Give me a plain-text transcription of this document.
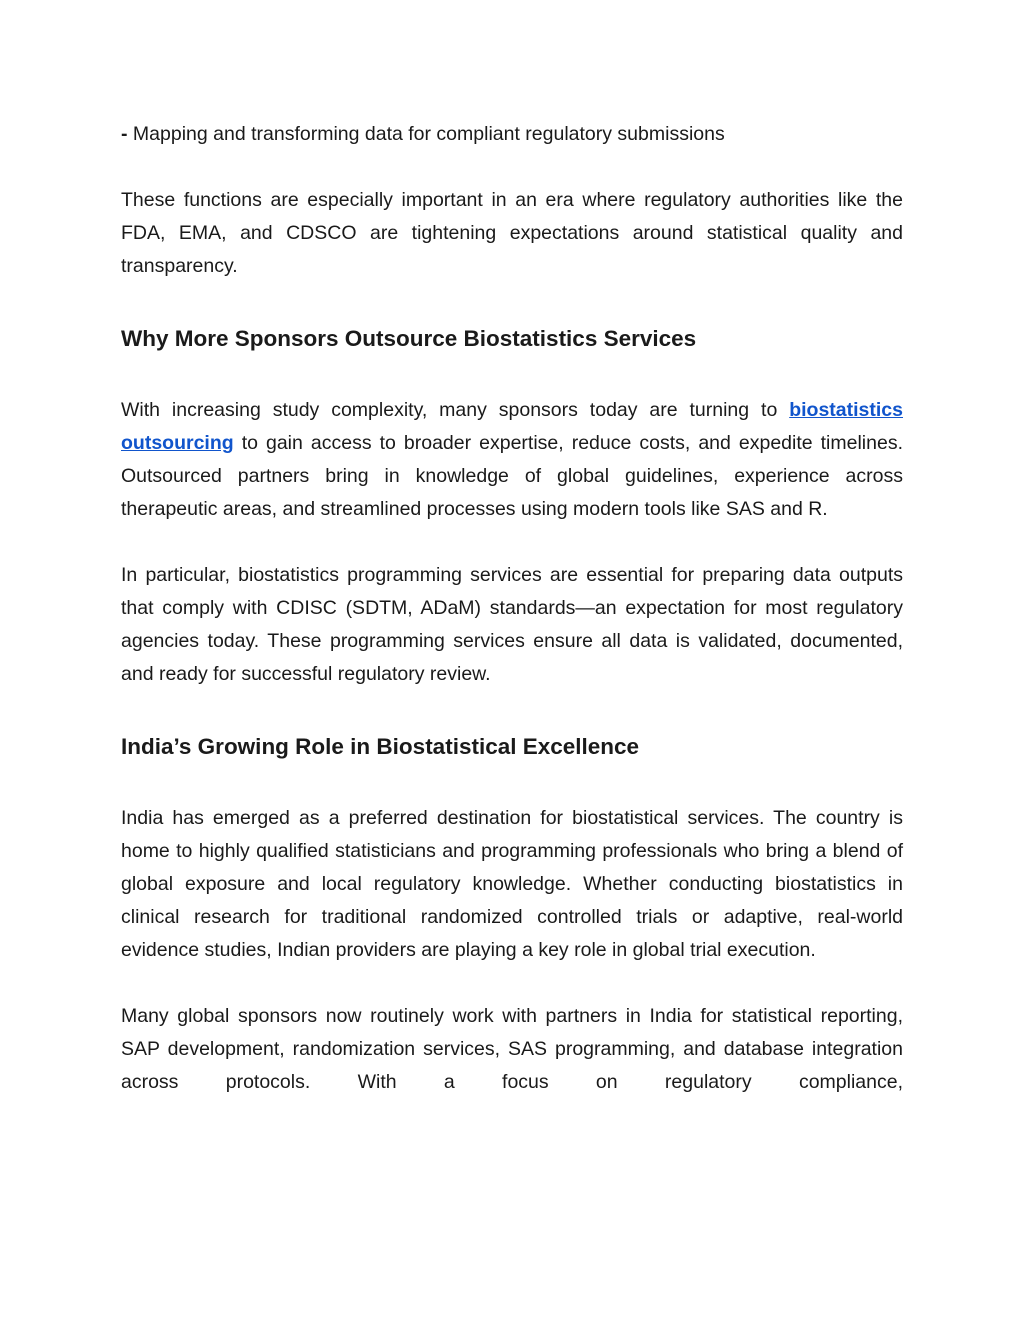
- Mapping and transforming data for compliant regulatory submissions

These functions are especially important in an era where regulatory authorities like the FDA, EMA, and CDSCO are tightening expectations around statistical quality and transparency.

Why More Sponsors Outsource Biostatistics Services

With increasing study complexity, many sponsors today are turning to biostatistics outsourcing to gain access to broader expertise, reduce costs, and expedite timelines. Outsourced partners bring in knowledge of global guidelines, experience across therapeutic areas, and streamlined processes using modern tools like SAS and R.

In particular, biostatistics programming services are essential for preparing data outputs that comply with CDISC (SDTM, ADaM) standards—an expectation for most regulatory agencies today. These programming services ensure all data is validated, documented, and ready for successful regulatory review.

India’s Growing Role in Biostatistical Excellence

India has emerged as a preferred destination for biostatistical services. The country is home to highly qualified statisticians and programming professionals who bring a blend of global exposure and local regulatory knowledge. Whether conducting biostatistics in clinical research for traditional randomized controlled trials or adaptive, real-world evidence studies, Indian providers are playing a key role in global trial execution.

Many global sponsors now routinely work with partners in India for statistical reporting, SAP development, randomization services, SAS programming, and database integration across protocols. With a focus on regulatory compliance,
